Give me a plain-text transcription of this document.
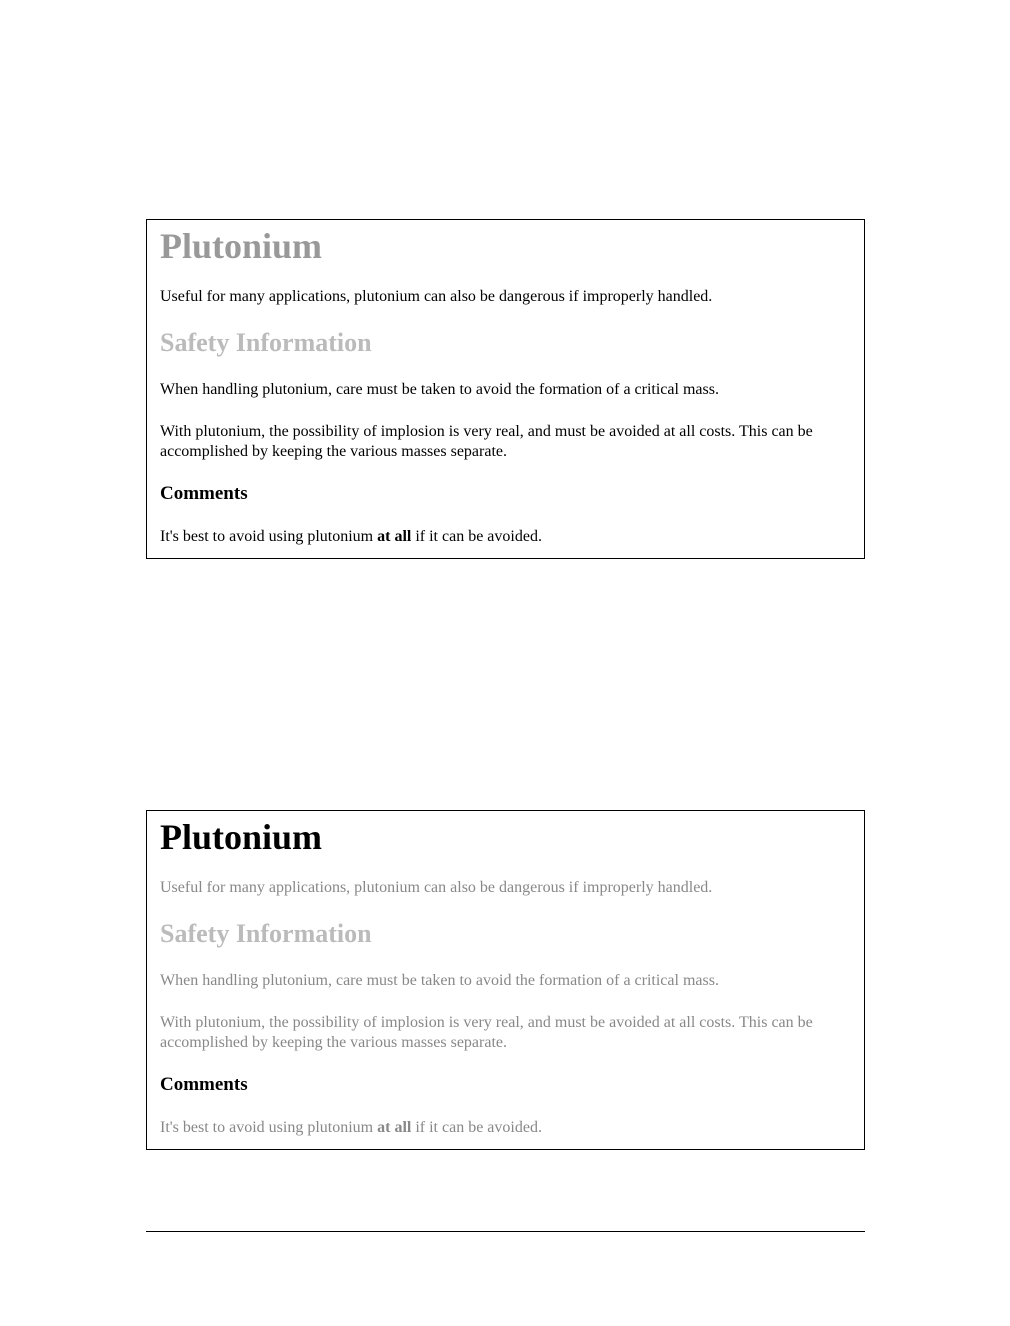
Plutonium

Useful for many applications, plutonium can also be dangerous if improperly handled.

Safety Information

When handling plutonium, care must be taken to avoid the formation of a critical mass.

With plutonium, the possibility of implosion is very real, and must be avoided at all costs. This can be accomplished by keeping the various masses separate.

Comments

It's best to avoid using plutonium at all if it can be avoided.

Plutonium

Useful for many applications, plutonium can also be dangerous if improperly handled.

Safety Information

When handling plutonium, care must be taken to avoid the formation of a critical mass.

With plutonium, the possibility of implosion is very real, and must be avoided at all costs. This can be accomplished by keeping the various masses separate.

Comments

It's best to avoid using plutonium at all if it can be avoided.
